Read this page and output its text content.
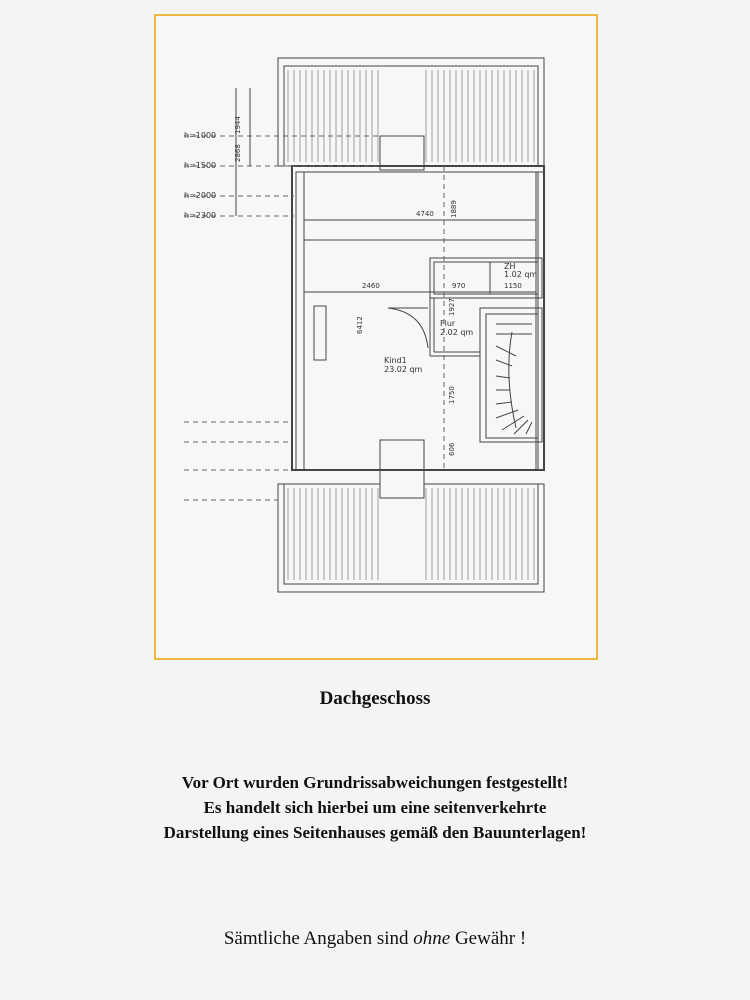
h=1000
h=1500
h=2000
h=2300
1944
2868
4740 1889
2460	970	1150
6412
1927
1750
606
Kind1
23.02 qm
Flur
2.02 qm
ZH
1.02 qm
Dachgeschoss
Vor Ort wurden Grundrissabweichungen festgestellt!
Es handelt sich hierbei um eine seitenverkehrte
Darstellung eines Seitenhauses gemäß den Bauunterlagen!
Sämtliche Angaben sind ohne Gewähr !
